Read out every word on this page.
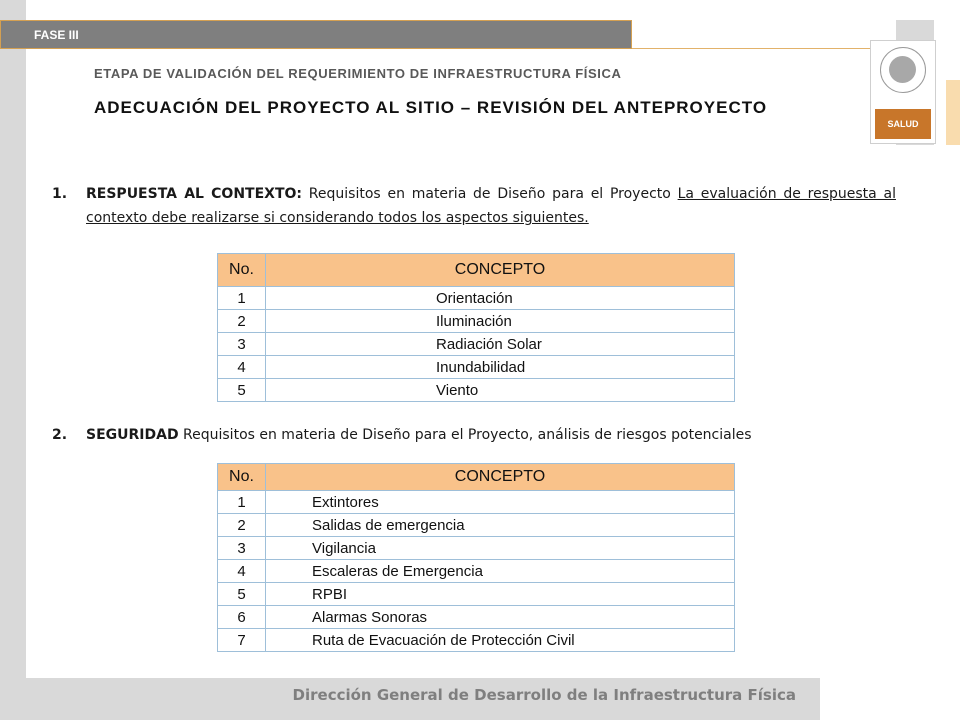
Dirección General de Desarrollo de la Infraestructura Física
FASE III
SALUD
ETAPA DE VALIDACIÓN DEL REQUERIMIENTO DE INFRAESTRUCTURA FÍSICA
ADECUACIÓN DEL PROYECTO AL SITIO – REVISIÓN DEL ANTEPROYECTO
1.	RESPUESTA AL CONTEXTO: Requisitos en materia de Diseño para el Proyecto La evaluación de respuesta al contexto debe realizarse si considerando todos los aspectos siguientes.
No.	CONCEPTO
1	Orientación
2	Iluminación
3	Radiación Solar
4	Inundabilidad
5	Viento
2.	SEGURIDAD Requisitos en materia de Diseño para el Proyecto, análisis de riesgos potenciales
No.	CONCEPTO
1	Extintores
2	Salidas de emergencia
3	Vigilancia
4	Escaleras de Emergencia
5	RPBI
6	Alarmas Sonoras
7	Ruta de Evacuación de Protección Civil
